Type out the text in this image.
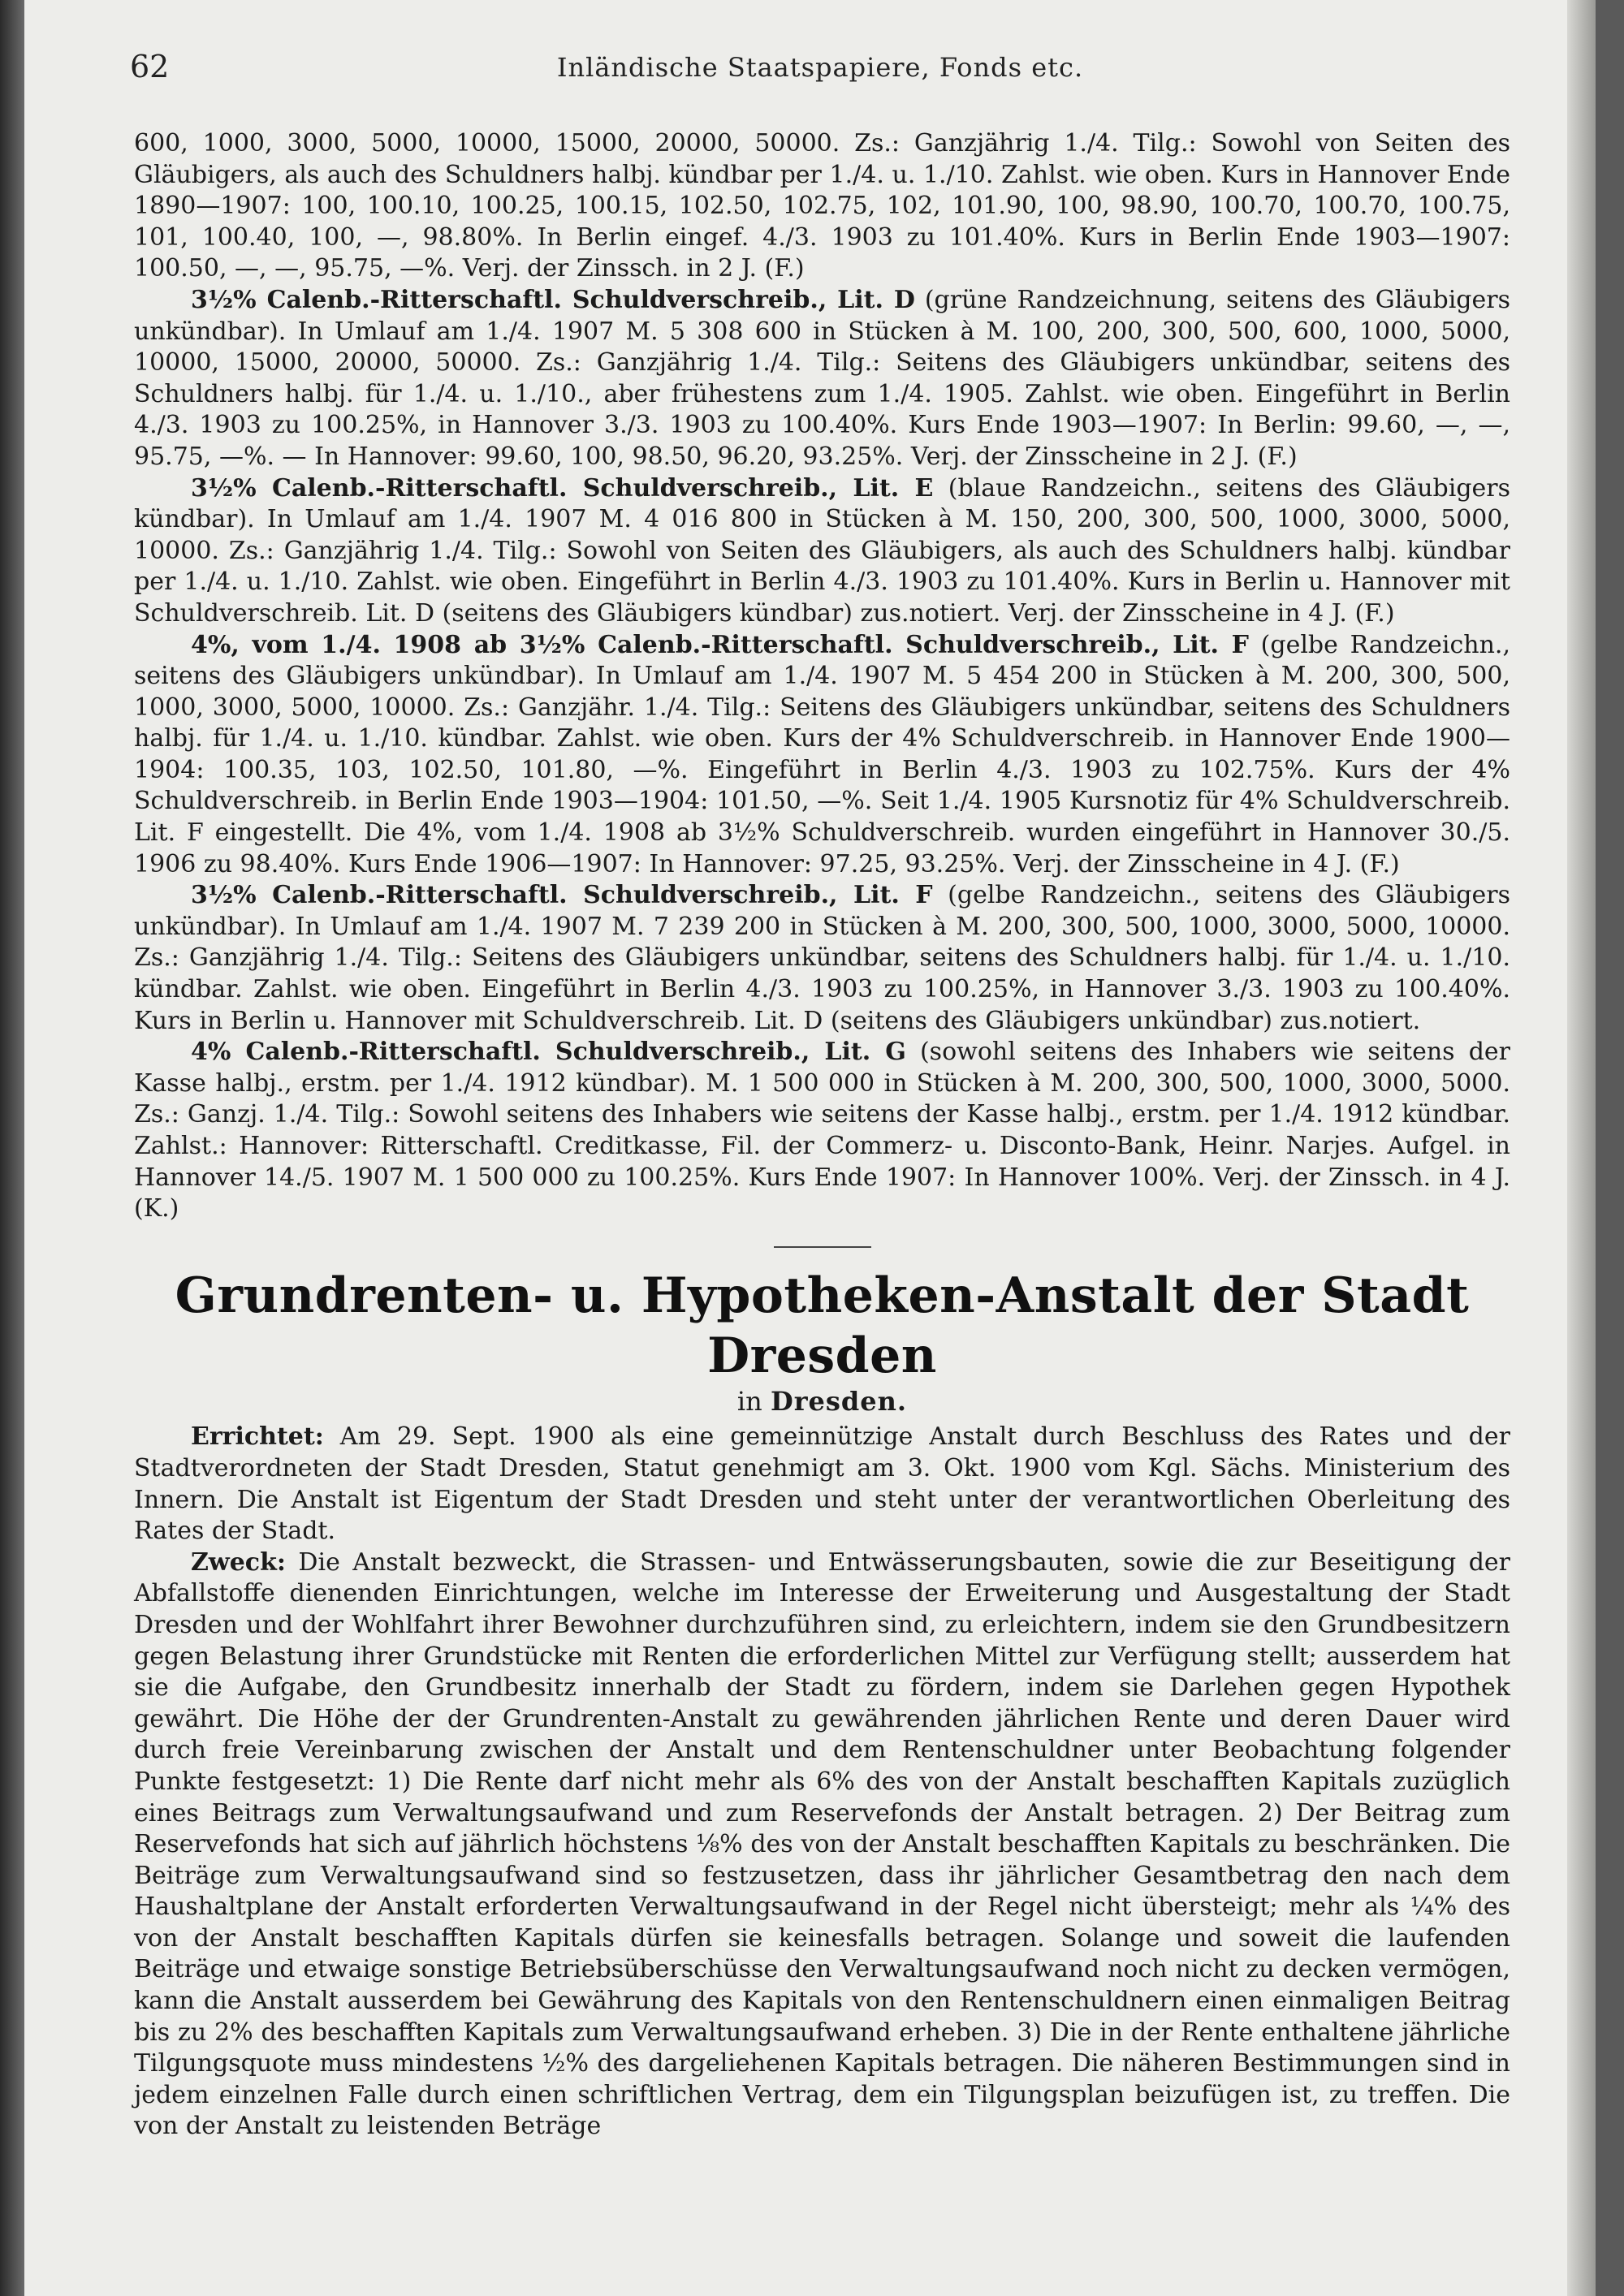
62	Inländische Staatspapiere, Fonds etc.

600, 1000, 3000, 5000, 10000, 15000, 20000, 50000. Zs.: Ganzjährig 1./4. Tilg.: Sowohl von Seiten des Gläubigers, als auch des Schuldners halbj. kündbar per 1./4. u. 1./10. Zahlst. wie oben. Kurs in Hannover Ende 1890—1907: 100, 100.10, 100.25, 100.15, 102.50, 102.75, 102, 101.90, 100, 98.90, 100.70, 100.70, 100.75, 101, 100.40, 100, —, 98.80%. In Berlin eingef. 4./3. 1903 zu 101.40%. Kurs in Berlin Ende 1903—1907: 100.50, —, —, 95.75, —%. Verj. der Zinssch. in 2 J. (F.)

3½% Calenb.-Ritterschaftl. Schuldverschreib., Lit. D (grüne Randzeichnung, seitens des Gläubigers unkündbar). In Umlauf am 1./4. 1907 M. 5 308 600 in Stücken à M. 100, 200, 300, 500, 600, 1000, 5000, 10000, 15000, 20000, 50000. Zs.: Ganzjährig 1./4. Tilg.: Seitens des Gläubigers unkündbar, seitens des Schuldners halbj. für 1./4. u. 1./10., aber frühestens zum 1./4. 1905. Zahlst. wie oben. Eingeführt in Berlin 4./3. 1903 zu 100.25%, in Hannover 3./3. 1903 zu 100.40%. Kurs Ende 1903—1907: In Berlin: 99.60, —, —, 95.75, —%. — In Hannover: 99.60, 100, 98.50, 96.20, 93.25%. Verj. der Zinsscheine in 2 J. (F.)

3½% Calenb.-Ritterschaftl. Schuldverschreib., Lit. E (blaue Randzeichn., seitens des Gläubigers kündbar). In Umlauf am 1./4. 1907 M. 4 016 800 in Stücken à M. 150, 200, 300, 500, 1000, 3000, 5000, 10000. Zs.: Ganzjährig 1./4. Tilg.: Sowohl von Seiten des Gläubigers, als auch des Schuldners halbj. kündbar per 1./4. u. 1./10. Zahlst. wie oben. Eingeführt in Berlin 4./3. 1903 zu 101.40%. Kurs in Berlin u. Hannover mit Schuldverschreib. Lit. D (seitens des Gläubigers kündbar) zus.notiert. Verj. der Zinsscheine in 4 J. (F.)

4%, vom 1./4. 1908 ab 3½% Calenb.-Ritterschaftl. Schuldverschreib., Lit. F (gelbe Randzeichn., seitens des Gläubigers unkündbar). In Umlauf am 1./4. 1907 M. 5 454 200 in Stücken à M. 200, 300, 500, 1000, 3000, 5000, 10000. Zs.: Ganzjähr. 1./4. Tilg.: Seitens des Gläubigers unkündbar, seitens des Schuldners halbj. für 1./4. u. 1./10. kündbar. Zahlst. wie oben. Kurs der 4% Schuldverschreib. in Hannover Ende 1900—1904: 100.35, 103, 102.50, 101.80, —%. Eingeführt in Berlin 4./3. 1903 zu 102.75%. Kurs der 4% Schuldverschreib. in Berlin Ende 1903—1904: 101.50, —%. Seit 1./4. 1905 Kursnotiz für 4% Schuldverschreib. Lit. F eingestellt. Die 4%, vom 1./4. 1908 ab 3½% Schuldverschreib. wurden eingeführt in Hannover 30./5. 1906 zu 98.40%. Kurs Ende 1906—1907: In Hannover: 97.25, 93.25%. Verj. der Zinsscheine in 4 J. (F.)

3½% Calenb.-Ritterschaftl. Schuldverschreib., Lit. F (gelbe Randzeichn., seitens des Gläubigers unkündbar). In Umlauf am 1./4. 1907 M. 7 239 200 in Stücken à M. 200, 300, 500, 1000, 3000, 5000, 10000. Zs.: Ganzjährig 1./4. Tilg.: Seitens des Gläubigers unkündbar, seitens des Schuldners halbj. für 1./4. u. 1./10. kündbar. Zahlst. wie oben. Eingeführt in Berlin 4./3. 1903 zu 100.25%, in Hannover 3./3. 1903 zu 100.40%. Kurs in Berlin u. Hannover mit Schuldverschreib. Lit. D (seitens des Gläubigers unkündbar) zus.notiert.

4% Calenb.-Ritterschaftl. Schuldverschreib., Lit. G (sowohl seitens des Inhabers wie seitens der Kasse halbj., erstm. per 1./4. 1912 kündbar). M. 1 500 000 in Stücken à M. 200, 300, 500, 1000, 3000, 5000. Zs.: Ganzj. 1./4. Tilg.: Sowohl seitens des Inhabers wie seitens der Kasse halbj., erstm. per 1./4. 1912 kündbar. Zahlst.: Hannover: Ritterschaftl. Creditkasse, Fil. der Commerz- u. Disconto-Bank, Heinr. Narjes. Aufgel. in Hannover 14./5. 1907 M. 1 500 000 zu 100.25%. Kurs Ende 1907: In Hannover 100%. Verj. der Zinssch. in 4 J. (K.)

Grundrenten- u. Hypotheken-Anstalt der Stadt Dresden

in Dresden.

Errichtet: Am 29. Sept. 1900 als eine gemeinnützige Anstalt durch Beschluss des Rates und der Stadtverordneten der Stadt Dresden, Statut genehmigt am 3. Okt. 1900 vom Kgl. Sächs. Ministerium des Innern. Die Anstalt ist Eigentum der Stadt Dresden und steht unter der verantwortlichen Oberleitung des Rates der Stadt.

Zweck: Die Anstalt bezweckt, die Strassen- und Entwässerungsbauten, sowie die zur Beseitigung der Abfallstoffe dienenden Einrichtungen, welche im Interesse der Erweiterung und Ausgestaltung der Stadt Dresden und der Wohlfahrt ihrer Bewohner durchzuführen sind, zu erleichtern, indem sie den Grundbesitzern gegen Belastung ihrer Grundstücke mit Renten die erforderlichen Mittel zur Verfügung stellt; ausserdem hat sie die Aufgabe, den Grundbesitz innerhalb der Stadt zu fördern, indem sie Darlehen gegen Hypothek gewährt. Die Höhe der der Grundrenten-Anstalt zu gewährenden jährlichen Rente und deren Dauer wird durch freie Vereinbarung zwischen der Anstalt und dem Rentenschuldner unter Beobachtung folgender Punkte festgesetzt: 1) Die Rente darf nicht mehr als 6% des von der Anstalt beschafften Kapitals zuzüglich eines Beitrags zum Verwaltungsaufwand und zum Reservefonds der Anstalt betragen. 2) Der Beitrag zum Reservefonds hat sich auf jährlich höchstens ⅛% des von der Anstalt beschafften Kapitals zu beschränken. Die Beiträge zum Verwaltungsaufwand sind so festzusetzen, dass ihr jährlicher Gesamtbetrag den nach dem Haushaltplane der Anstalt erforderten Verwaltungsaufwand in der Regel nicht übersteigt; mehr als ¼% des von der Anstalt beschafften Kapitals dürfen sie keinesfalls betragen. Solange und soweit die laufenden Beiträge und etwaige sonstige Betriebsüberschüsse den Verwaltungsaufwand noch nicht zu decken vermögen, kann die Anstalt ausserdem bei Gewährung des Kapitals von den Rentenschuldnern einen einmaligen Beitrag bis zu 2% des beschafften Kapitals zum Verwaltungsaufwand erheben. 3) Die in der Rente enthaltene jährliche Tilgungsquote muss mindestens ½% des dargeliehenen Kapitals betragen. Die näheren Bestimmungen sind in jedem einzelnen Falle durch einen schriftlichen Vertrag, dem ein Tilgungsplan beizufügen ist, zu treffen. Die von der Anstalt zu leistenden Beträge
